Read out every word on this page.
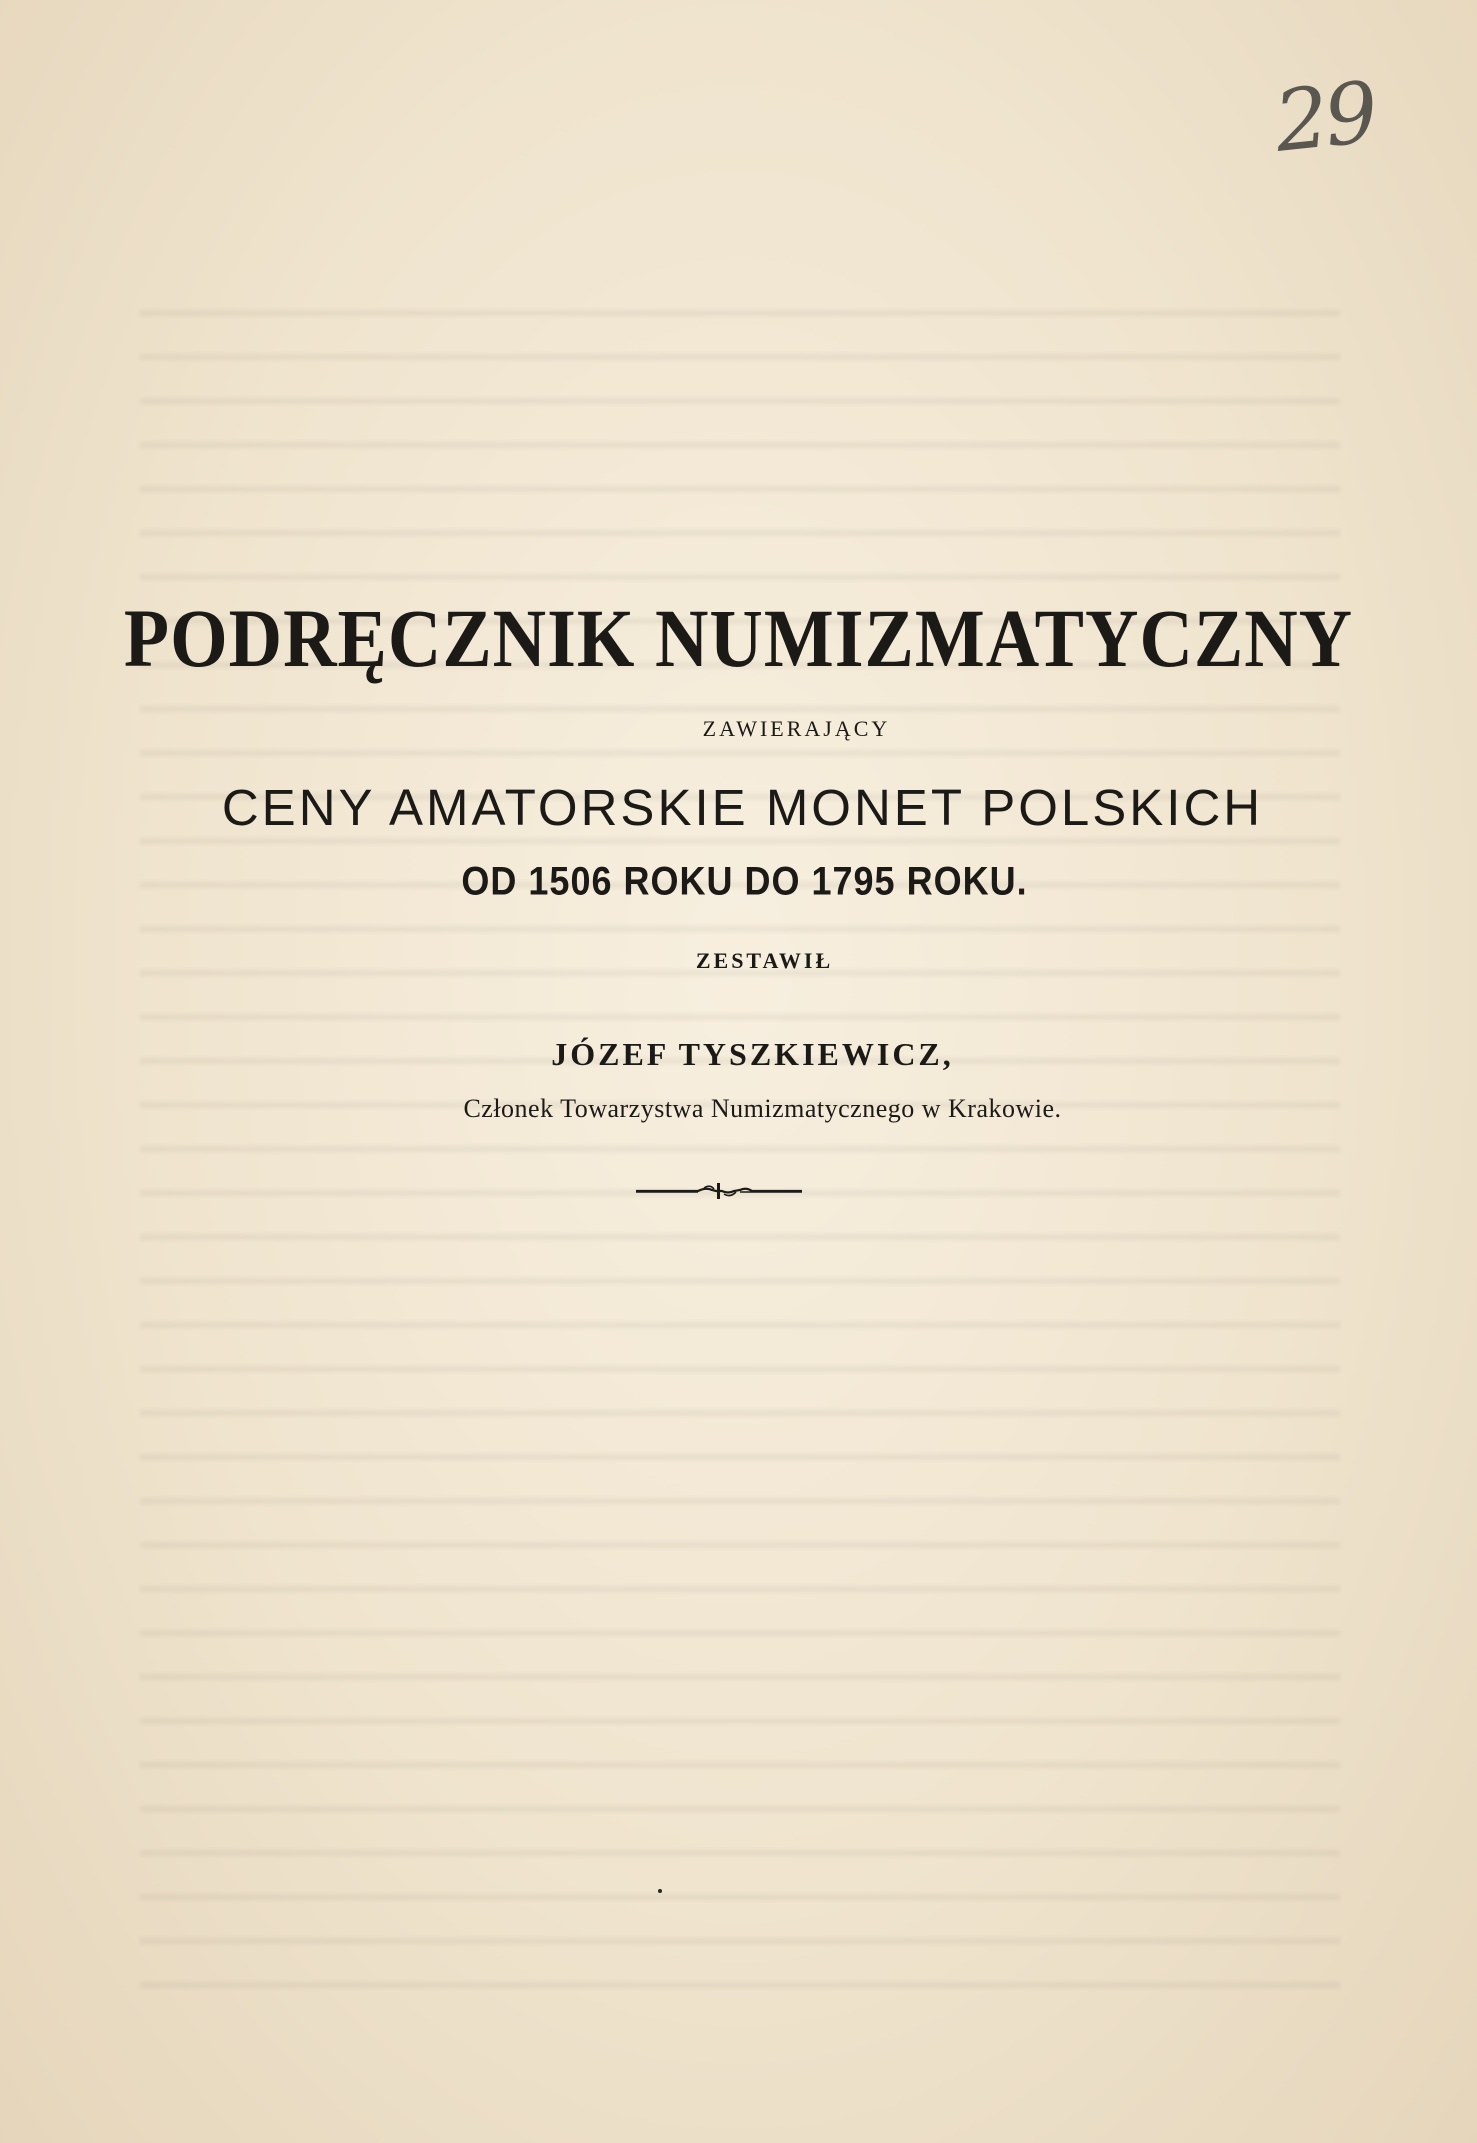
29
PODRĘCZNIK NUMIZMATYCZNY
ZAWIERAJĄCY
CENY AMATORSKIE MONET POLSKICH
OD 1506 ROKU DO 1795 ROKU.
ZESTAWIŁ
JÓZEF TYSZKIEWICZ,
Członek Towarzystwa Numizmatycznego w Krakowie.
